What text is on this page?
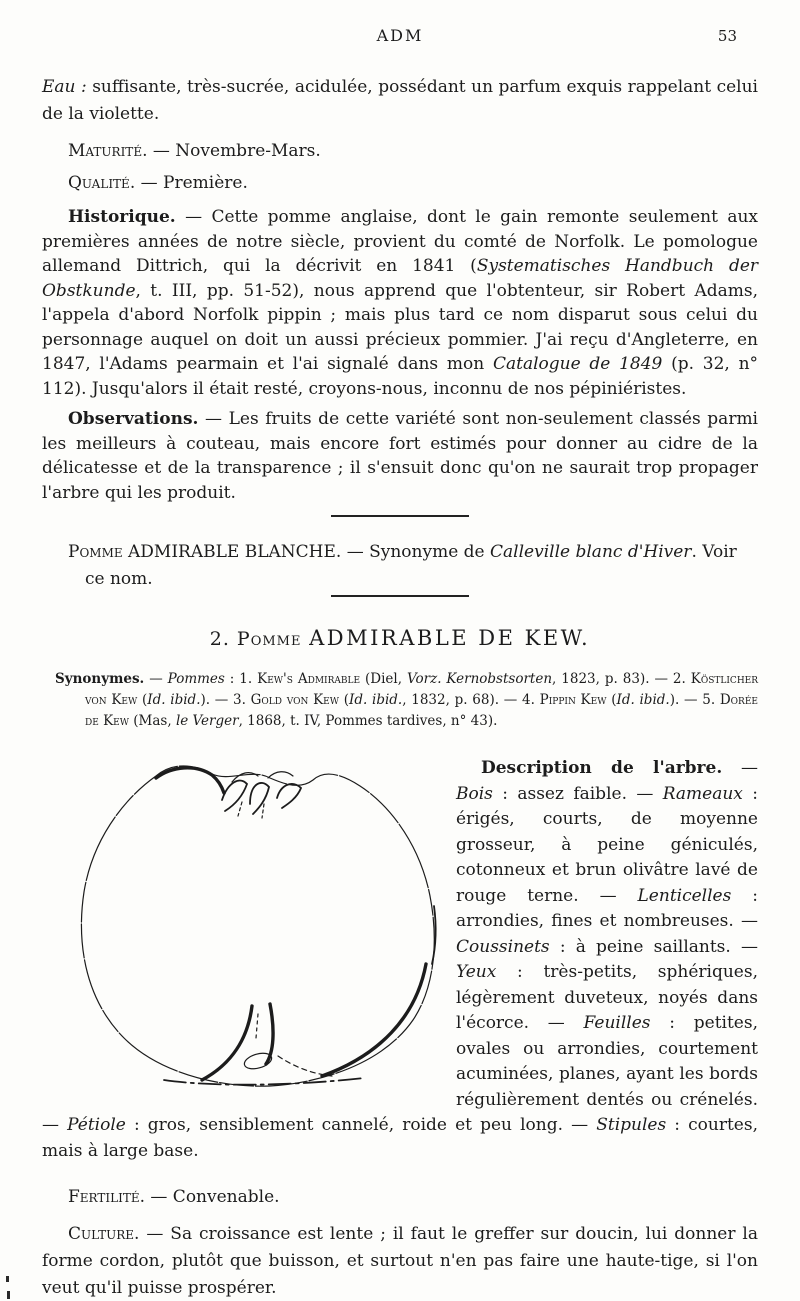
ADM	53

Eau : suffisante, très-sucrée, acidulée, possédant un parfum exquis rappelant celui de la violette.

Maturité. — Novembre-Mars.

Qualité. — Première.

Historique. — Cette pomme anglaise, dont le gain remonte seulement aux premières années de notre siècle, provient du comté de Norfolk. Le pomologue allemand Dittrich, qui la décrivit en 1841 (Systematisches Handbuch der Obstkunde, t. III, pp. 51-52), nous apprend que l'obtenteur, sir Robert Adams, l'appela d'abord Norfolk pippin ; mais plus tard ce nom disparut sous celui du personnage auquel on doit un aussi précieux pommier. J'ai reçu d'Angleterre, en 1847, l'Adams pearmain et l'ai signalé dans mon Catalogue de 1849 (p. 32, n° 112). Jusqu'alors il était resté, croyons-nous, inconnu de nos pépiniéristes.

Observations. — Les fruits de cette variété sont non-seulement classés parmi les meilleurs à couteau, mais encore fort estimés pour donner au cidre de la délicatesse et de la transparence ; il s'ensuit donc qu'on ne saurait trop propager l'arbre qui les produit.

Pomme ADMIRABLE BLANCHE. — Synonyme de Calleville blanc d'Hiver. Voir ce nom.

2. Pomme ADMIRABLE DE KEW.

Synonymes. — Pommes : 1. Kew's Admirable (Diel, Vorz. Kernobstsorten, 1823, p. 83). — 2. Köstlicher von Kew (Id. ibid.). — 3. Gold von Kew (Id. ibid., 1832, p. 68). — 4. Pippin Kew (Id. ibid.). — 5. Dorée de Kew (Mas, le Verger, 1868, t. IV, Pommes tardives, n° 43).

Description de l'arbre. — Bois : assez faible. — Rameaux : érigés, courts, de moyenne grosseur, à peine géniculés, cotonneux et brun olivâtre lavé de rouge terne. — Lenticelles : arrondies, fines et nombreuses. — Coussinets : à peine saillants. — Yeux : très-petits, sphériques, légèrement duveteux, noyés dans l'écorce. — Feuilles : petites, ovales ou arrondies, courtement acuminées, planes, ayant les bords régulièrement dentés ou crénelés. — Pétiole : gros, sensiblement cannelé, roide et peu long. — Stipules : courtes, mais à large base.

Fertilité. — Convenable.

Culture. — Sa croissance est lente ; il faut le greffer sur doucin, lui donner la forme cordon, plutôt que buisson, et surtout n'en pas faire une haute-tige, si l'on veut qu'il puisse prospérer.
